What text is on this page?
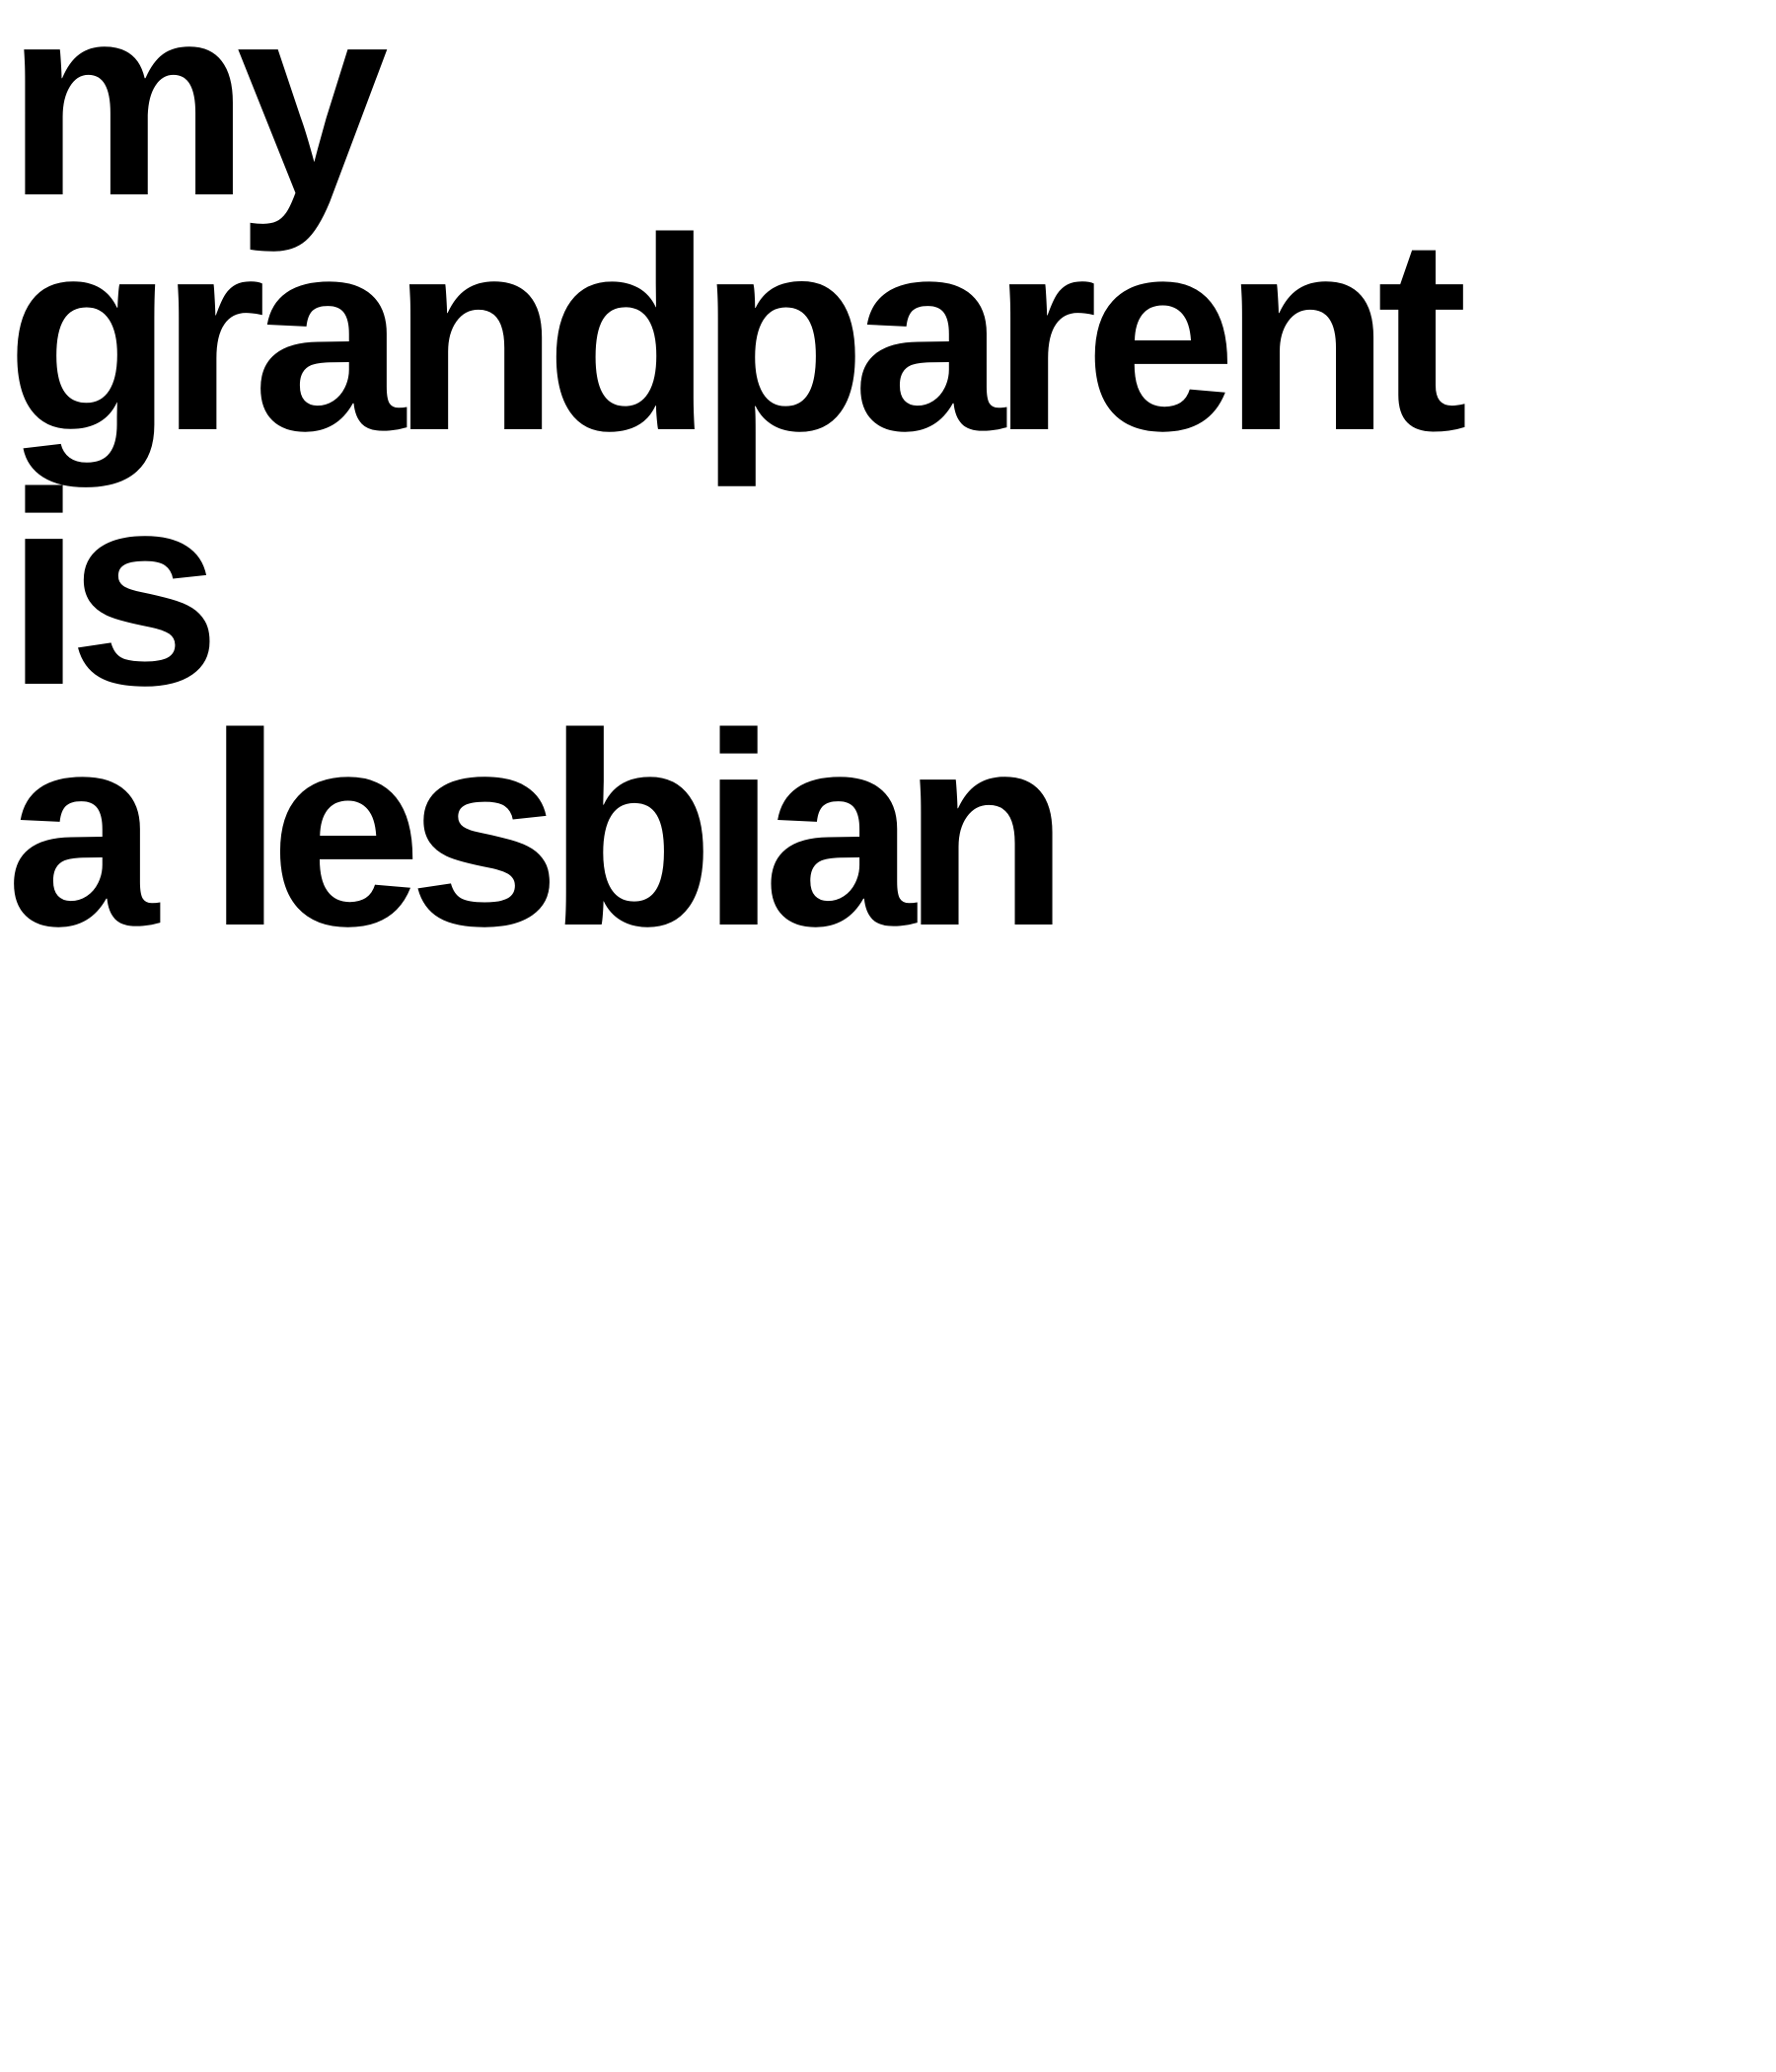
my
grandparent
is
a lesbian
